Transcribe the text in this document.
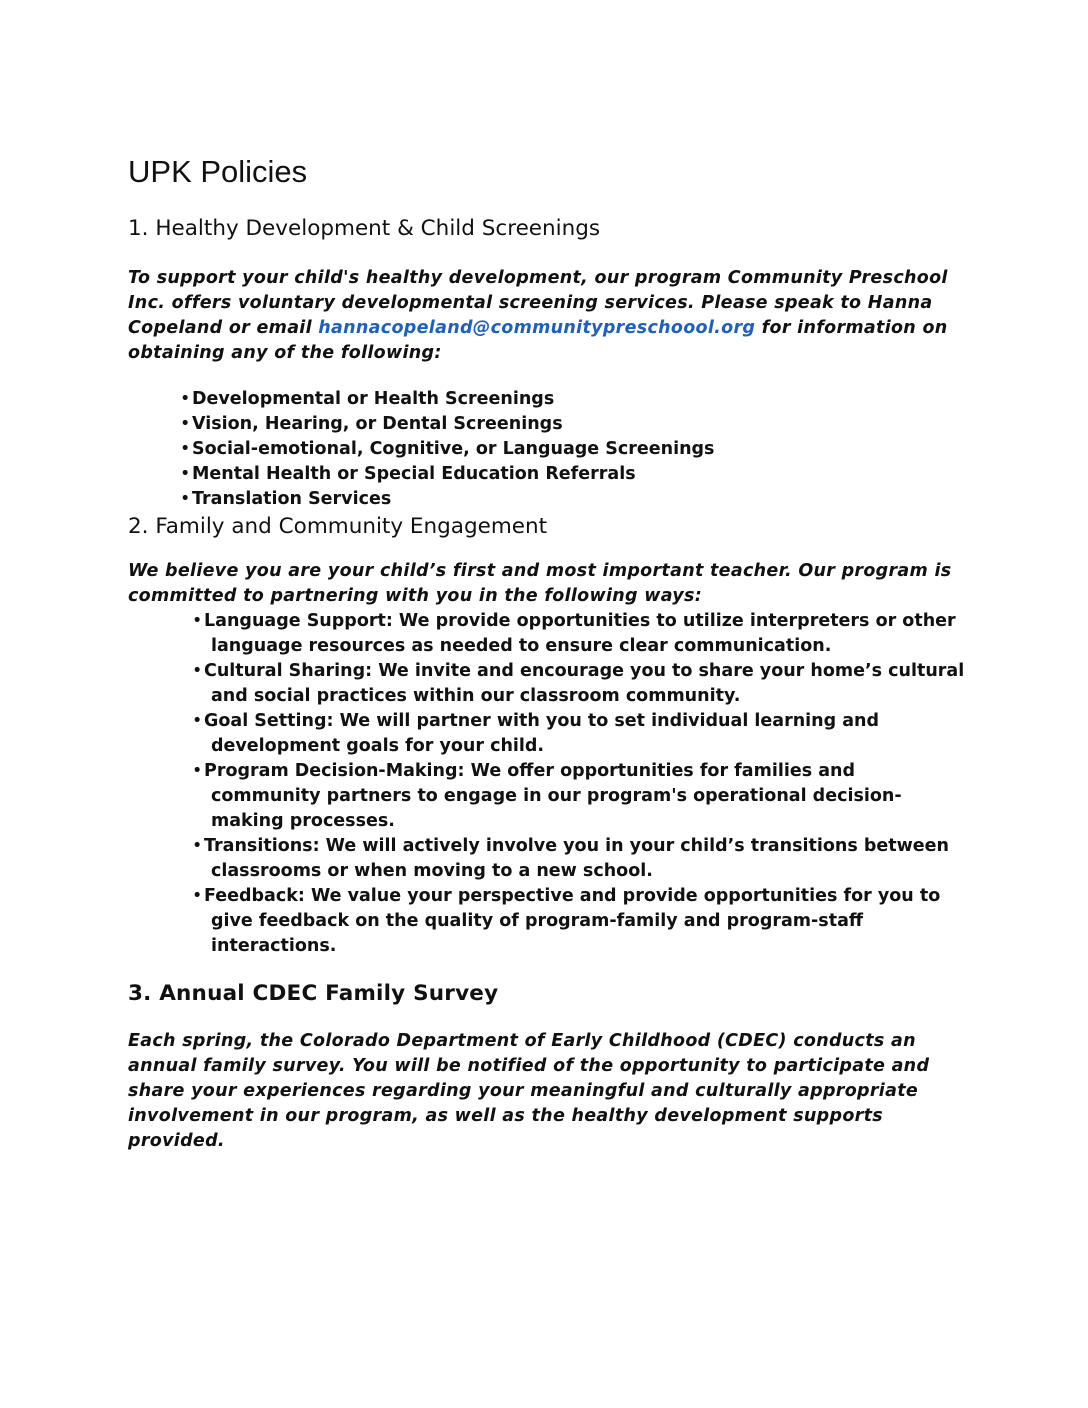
UPK Policies
1. Healthy Development & Child Screenings

To support your child's healthy development, our program Community Preschool Inc. offers voluntary developmental screening services. Please speak to Hanna Copeland or email hannacopeland@communitypreschoool.org for information on obtaining any of the following:

• Developmental or Health Screenings
• Vision, Hearing, or Dental Screenings
• Social-emotional, Cognitive, or Language Screenings
• Mental Health or Special Education Referrals
• Translation Services
2. Family and Community Engagement

We believe you are your child’s first and most important teacher. Our program is committed to partnering with you in the following ways:

•Language Support: We provide opportunities to utilize interpreters or other language resources as needed to ensure clear communication.
•Cultural Sharing: We invite and encourage you to share your home’s cultural and social practices within our classroom community.
•Goal Setting: We will partner with you to set individual learning and development goals for your child.
•Program Decision-Making: We offer opportunities for families and community partners to engage in our program's operational decision-making processes.
•Transitions: We will actively involve you in your child’s transitions between classrooms or when moving to a new school.
•Feedback: We value your perspective and provide opportunities for you to give feedback on the quality of program-family and program-staff interactions.
3. Annual CDEC Family Survey

Each spring, the Colorado Department of Early Childhood (CDEC) conducts an annual family survey. You will be notified of the opportunity to participate and share your experiences regarding your meaningful and culturally appropriate involvement in our program, as well as the healthy development supports provided.
